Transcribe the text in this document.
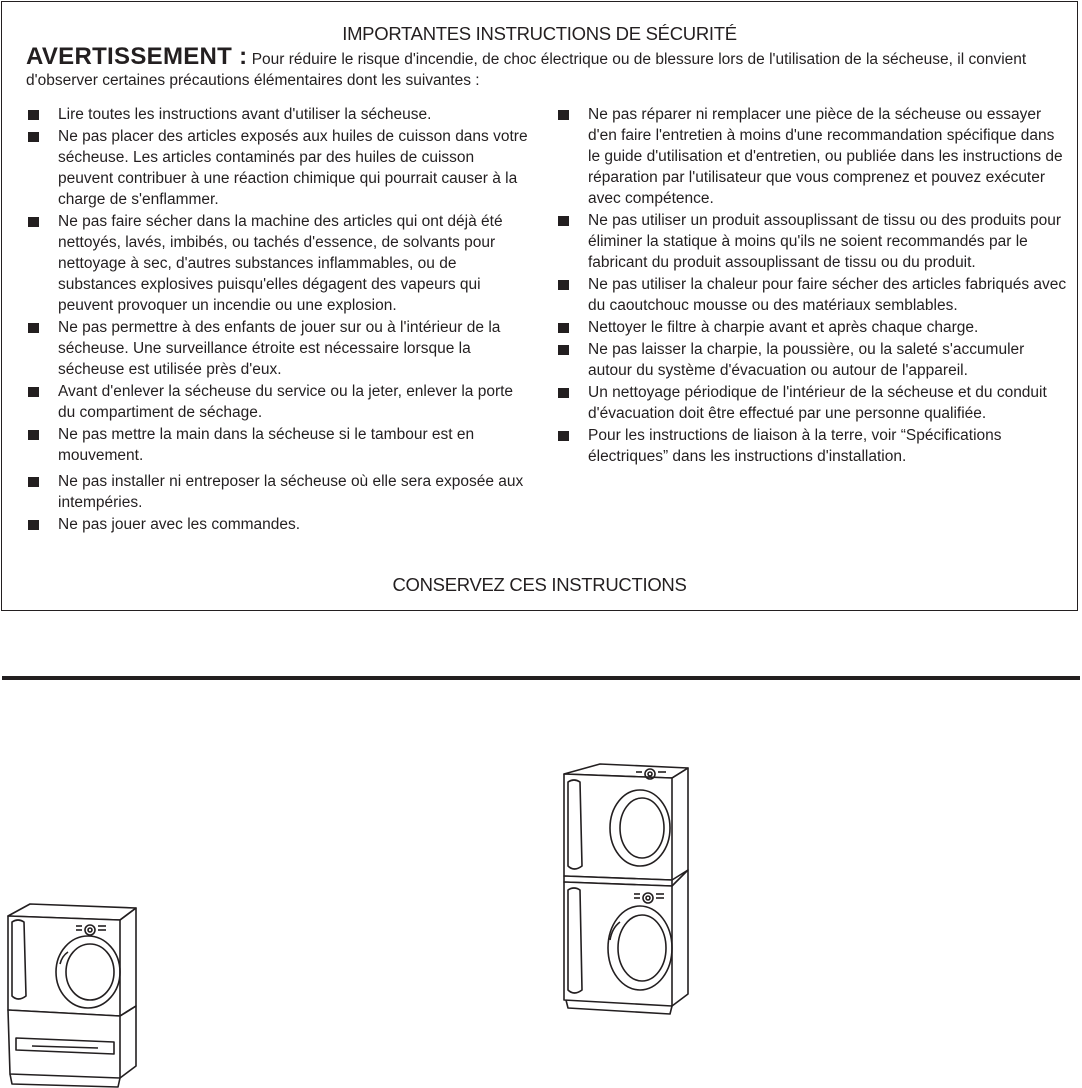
IMPORTANTES INSTRUCTIONS DE SÉCURITÉ
AVERTISSEMENT : Pour réduire le risque d'incendie, de choc électrique ou de blessure lors de l'utilisation de la sécheuse, il convient d'observer certaines précautions élémentaires dont les suivantes :
Lire toutes les instructions avant d'utiliser la sécheuse.
Ne pas placer des articles exposés aux huiles de cuisson dans votre sécheuse. Les articles contaminés par des huiles de cuisson peuvent contribuer à une réaction chimique qui pourrait causer à la charge de s'enflammer.
Ne pas faire sécher dans la machine des articles qui ont déjà été nettoyés, lavés, imbibés, ou tachés d'essence, de solvants pour nettoyage à sec, d'autres substances inflammables, ou de substances explosives puisqu'elles dégagent des vapeurs qui peuvent provoquer un incendie ou une explosion.
Ne pas permettre à des enfants de jouer sur ou à l'intérieur de la sécheuse. Une surveillance étroite est nécessaire lorsque la sécheuse est utilisée près d'eux.
Avant d'enlever la sécheuse du service ou la jeter, enlever la porte du compartiment de séchage.
Ne pas mettre la main dans la sécheuse si le tambour est en mouvement.
Ne pas installer ni entreposer la sécheuse où elle sera exposée aux intempéries.
Ne pas jouer avec les commandes.
Ne pas réparer ni remplacer une pièce de la sécheuse ou essayer d'en faire l'entretien à moins d'une recommandation spécifique dans le guide d'utilisation et d'entretien, ou publiée dans les instructions de réparation par l'utilisateur que vous comprenez et pouvez exécuter avec compétence.
Ne pas utiliser un produit assouplissant de tissu ou des produits pour éliminer la statique à moins qu'ils ne soient recommandés par le fabricant du produit assouplissant de tissu ou du produit.
Ne pas utiliser la chaleur pour faire sécher des articles fabriqués avec du caoutchouc mousse ou des matériaux semblables.
Nettoyer le filtre à charpie avant et après chaque charge.
Ne pas laisser la charpie, la poussière, ou la saleté s'accumuler autour du système d'évacuation ou autour de l'appareil.
Un nettoyage périodique de l'intérieur de la sécheuse et du conduit d'évacuation doit être effectué par une personne qualifiée.
Pour les instructions de liaison à la terre, voir “Spécifications électriques” dans les instructions d'installation.
CONSERVEZ CES INSTRUCTIONS
